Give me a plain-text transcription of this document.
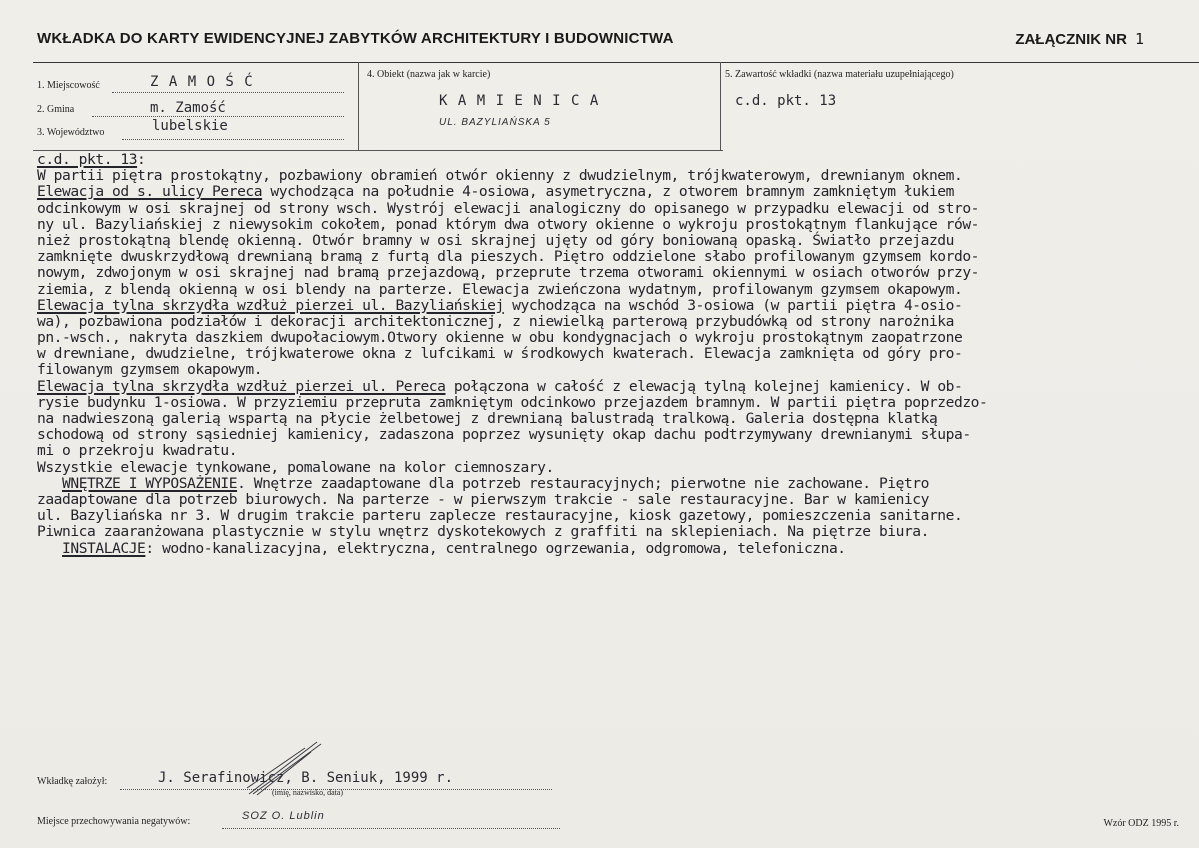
WKŁADKA DO KARTY EWIDENCYJNEJ ZABYTKÓW ARCHITEKTURY I BUDOWNICTWA	ZAŁĄCZNIK NR 1
1. Miejscowość	Z A M O Ś Ć
2. Gmina	m. Zamość
3. Województwo	lubelskie
4. Obiekt (nazwa jak w karcie)
K A M I E N I C A
UL. BAZYLIAŃSKA 5
5. Zawartość wkładki (nazwa materiału uzupełniającego)
c.d. pkt. 13
c.d. pkt. 13:
W partii piętra prostokątny, pozbawiony obramień otwór okienny z dwudzielnym, trójkwaterowym, drewnianym oknem.
Elewacja od s. ulicy Pereca wychodząca na południe 4-osiowa, asymetryczna, z otworem bramnym zamkniętym łukiem
odcinkowym w osi skrajnej od strony wsch. Wystrój elewacji analogiczny do opisanego w przypadku elewacji od stro-
ny ul. Bazyliańskiej z niewysokim cokołem, ponad którym dwa otwory okienne o wykroju prostokątnym flankujące rów-
nież prostokątną blendę okienną. Otwór bramny w osi skrajnej ujęty od góry boniowaną opaską. Światło przejazdu
zamknięte dwuskrzydłową drewnianą bramą z furtą dla pieszych. Piętro oddzielone słabo profilowanym gzymsem kordo-
nowym, zdwojonym w osi skrajnej nad bramą przejazdową, przeprute trzema otworami okiennymi w osiach otworów przy-
ziemia, z blendą okienną w osi blendy na parterze. Elewacja zwieńczona wydatnym, profilowanym gzymsem okapowym.
Elewacja tylna skrzydła wzdłuż pierzei ul. Bazyliańskiej wychodząca na wschód 3-osiowa (w partii piętra 4-osio-
wa), pozbawiona podziałów i dekoracji architektonicznej, z niewielką parterową przybudówką od strony narożnika
pn.-wsch., nakryta daszkiem dwupołaciowym.Otwory okienne w obu kondygnacjach o wykroju prostokątnym zaopatrzone
w drewniane, dwudzielne, trójkwaterowe okna z lufcikami w środkowych kwaterach. Elewacja zamknięta od góry pro-
filowanym gzymsem okapowym.
Elewacja tylna skrzydła wzdłuż pierzei ul. Pereca połączona w całość z elewacją tylną kolejnej kamienicy. W ob-
rysie budynku 1-osiowa. W przyziemiu przepruta zamkniętym odcinkowo przejazdem bramnym. W partii piętra poprzedzo-
na nadwieszoną galerią wspartą na płycie żelbetowej z drewnianą balustradą tralkową. Galeria dostępna klatką
schodową od strony sąsiedniej kamienicy, zadaszona poprzez wysunięty okap dachu podtrzymywany drewnianymi słupa-
mi o przekroju kwadratu.
Wszystkie elewacje tynkowane, pomalowane na kolor ciemnoszary.
WNĘTRZE I WYPOSAŻENIE. Wnętrze zaadaptowane dla potrzeb restauracyjnych; pierwotne nie zachowane. Piętro
zaadaptowane dla potrzeb biurowych. Na parterze - w pierwszym trakcie - sale restauracyjne. Bar w kamienicy
ul. Bazyliańska nr 3. W drugim trakcie parteru zaplecze restauracyjne, kiosk gazetowy, pomieszczenia sanitarne.
Piwnica zaaranżowana plastycznie w stylu wnętrz dyskotekowych z graffiti na sklepieniach. Na piętrze biura.
INSTALACJE: wodno-kanalizacyjna, elektryczna, centralnego ogrzewania, odgromowa, telefoniczna.
Wkładkę założył:	J. Serafinowicz, B. Seniuk, 1999 r.
(imię, nazwisko, data)
Miejsce przechowywania negatywów:	SOZ O. Lublin
Wzór ODZ 1995 r.
